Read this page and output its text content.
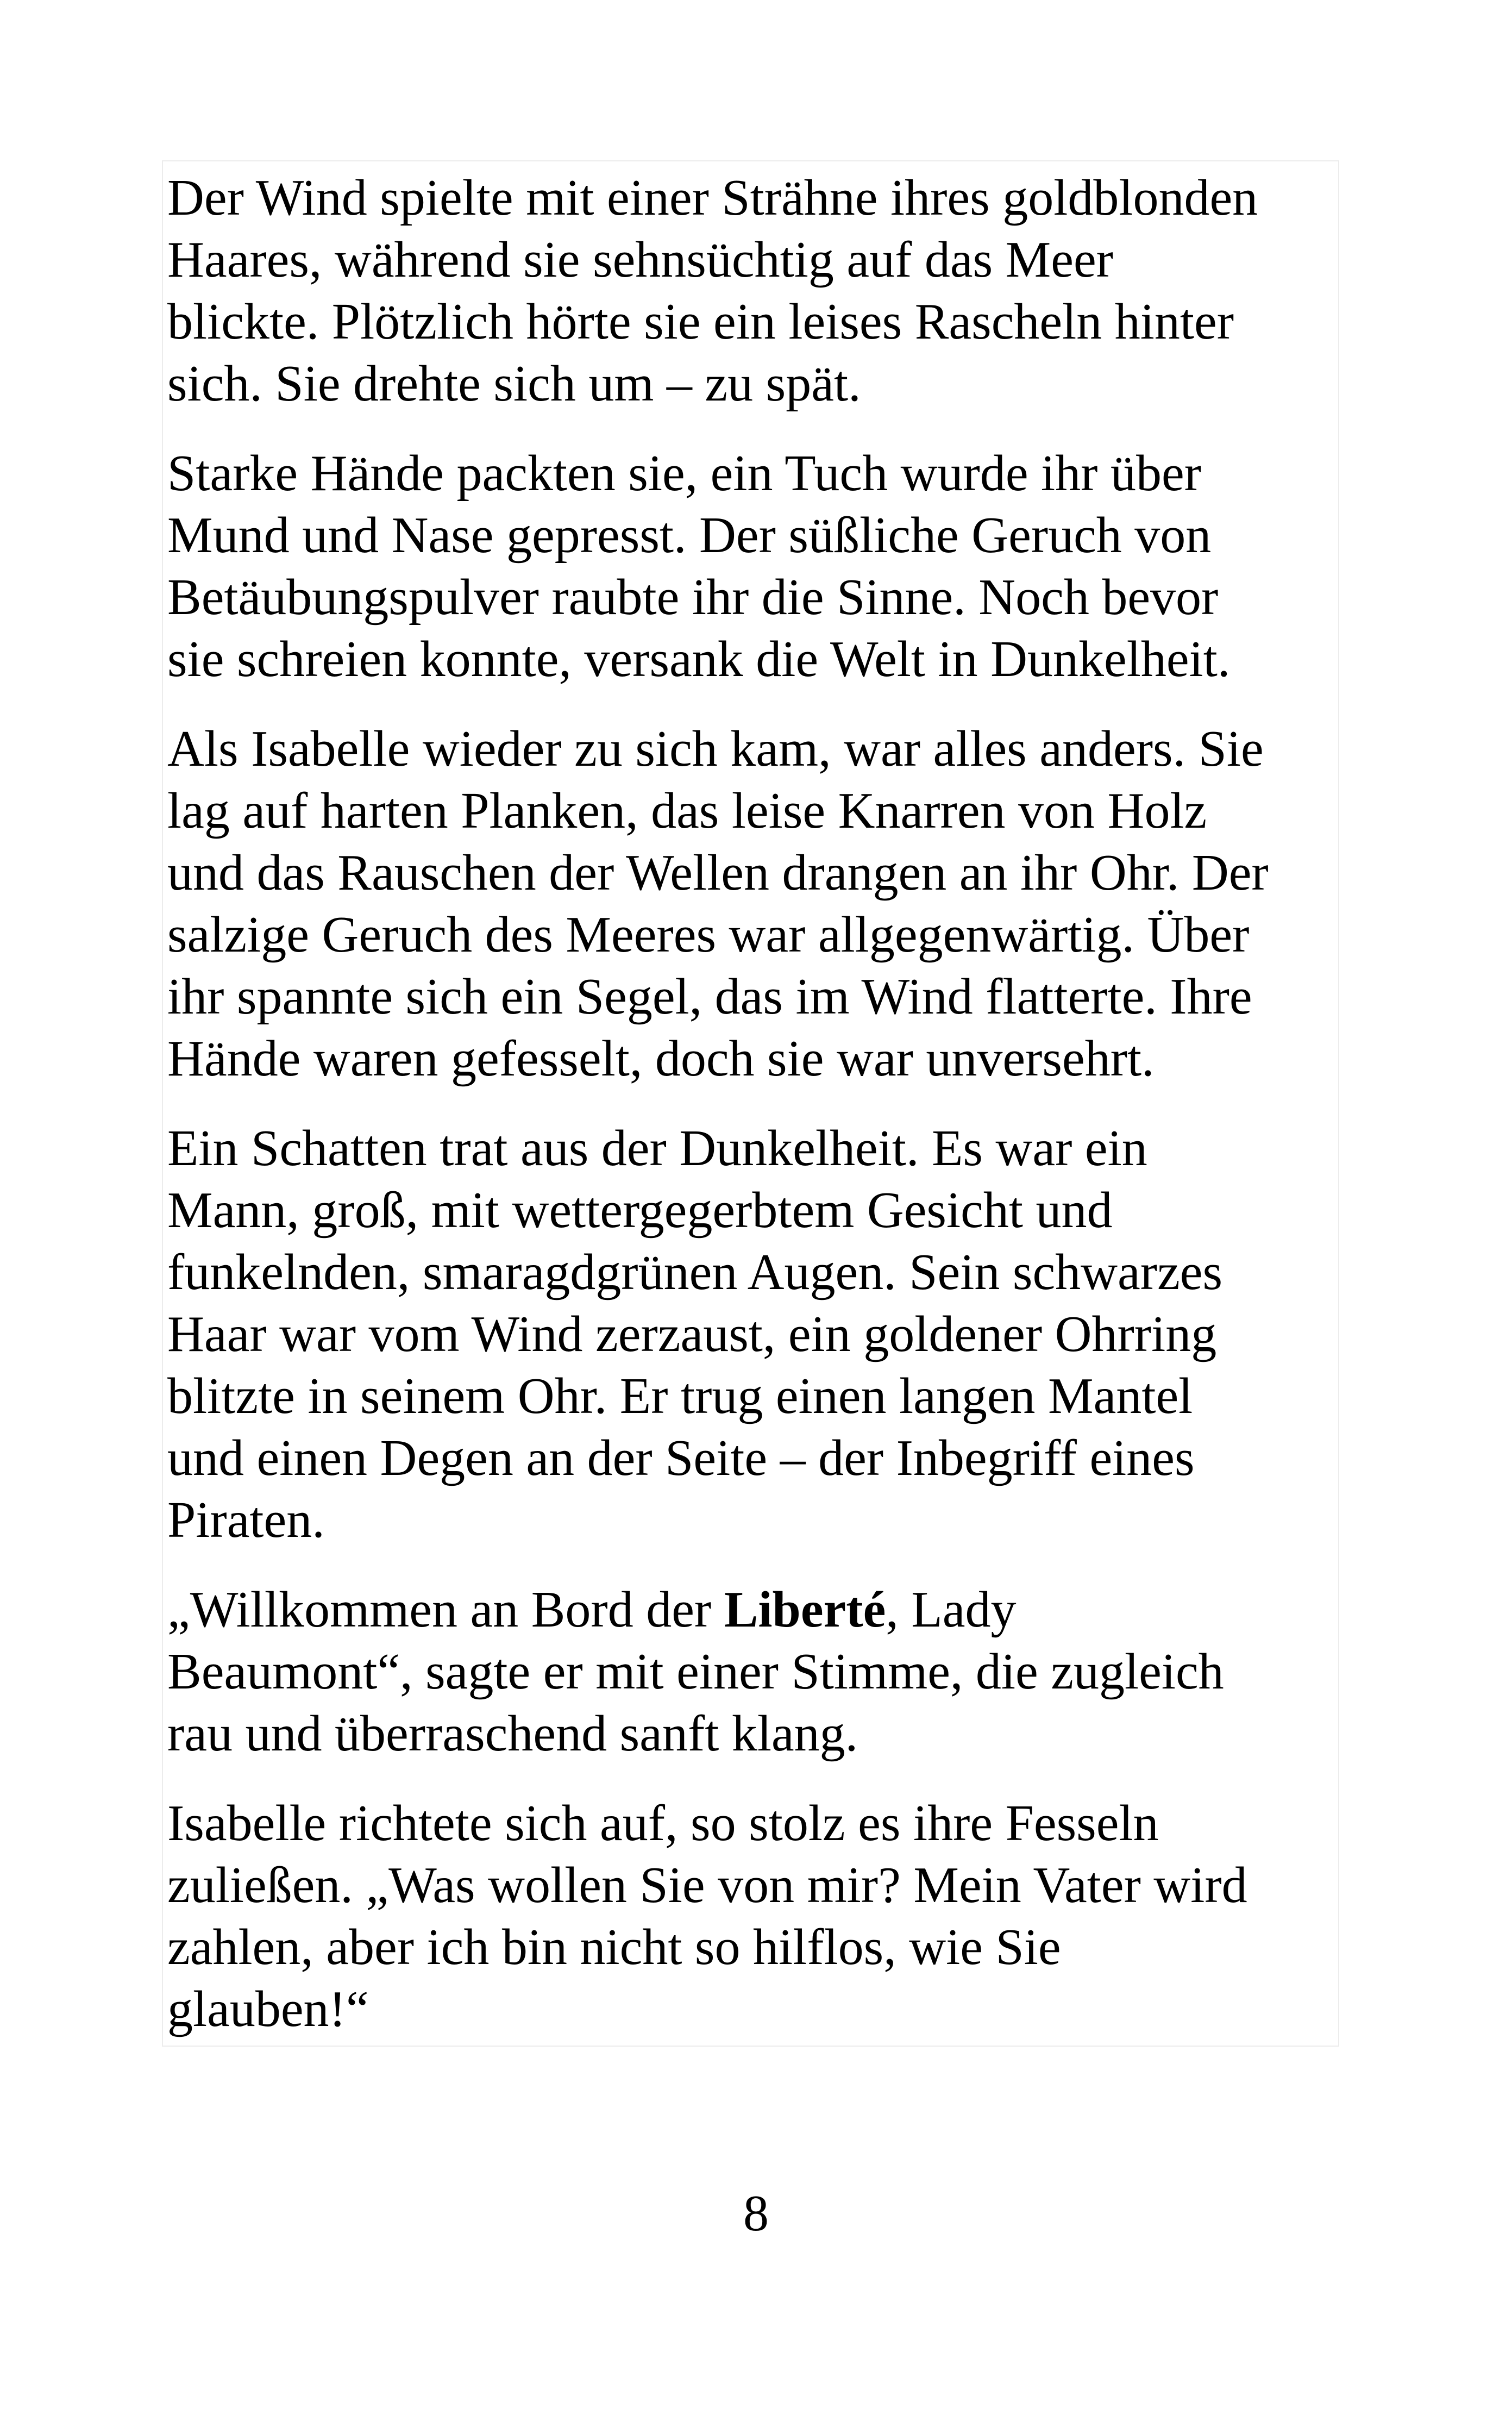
Der Wind spielte mit einer Strähne ihres goldblonden
Haares, während sie sehnsüchtig auf das Meer
blickte. Plötzlich hörte sie ein leises Rascheln hinter
sich. Sie drehte sich um – zu spät.

Starke Hände packten sie, ein Tuch wurde ihr über
Mund und Nase gepresst. Der süßliche Geruch von
Betäubungspulver raubte ihr die Sinne. Noch bevor
sie schreien konnte, versank die Welt in Dunkelheit.

Als Isabelle wieder zu sich kam, war alles anders. Sie
lag auf harten Planken, das leise Knarren von Holz
und das Rauschen der Wellen drangen an ihr Ohr. Der
salzige Geruch des Meeres war allgegenwärtig. Über
ihr spannte sich ein Segel, das im Wind flatterte. Ihre
Hände waren gefesselt, doch sie war unversehrt.

Ein Schatten trat aus der Dunkelheit. Es war ein
Mann, groß, mit wettergegerbtem Gesicht und
funkelnden, smaragdgrünen Augen. Sein schwarzes
Haar war vom Wind zerzaust, ein goldener Ohrring
blitzte in seinem Ohr. Er trug einen langen Mantel
und einen Degen an der Seite – der Inbegriff eines
Piraten.

„Willkommen an Bord der Liberté, Lady
Beaumont“, sagte er mit einer Stimme, die zugleich
rau und überraschend sanft klang.

Isabelle richtete sich auf, so stolz es ihre Fesseln
zuließen. „Was wollen Sie von mir? Mein Vater wird
zahlen, aber ich bin nicht so hilflos, wie Sie
glauben!“

8
